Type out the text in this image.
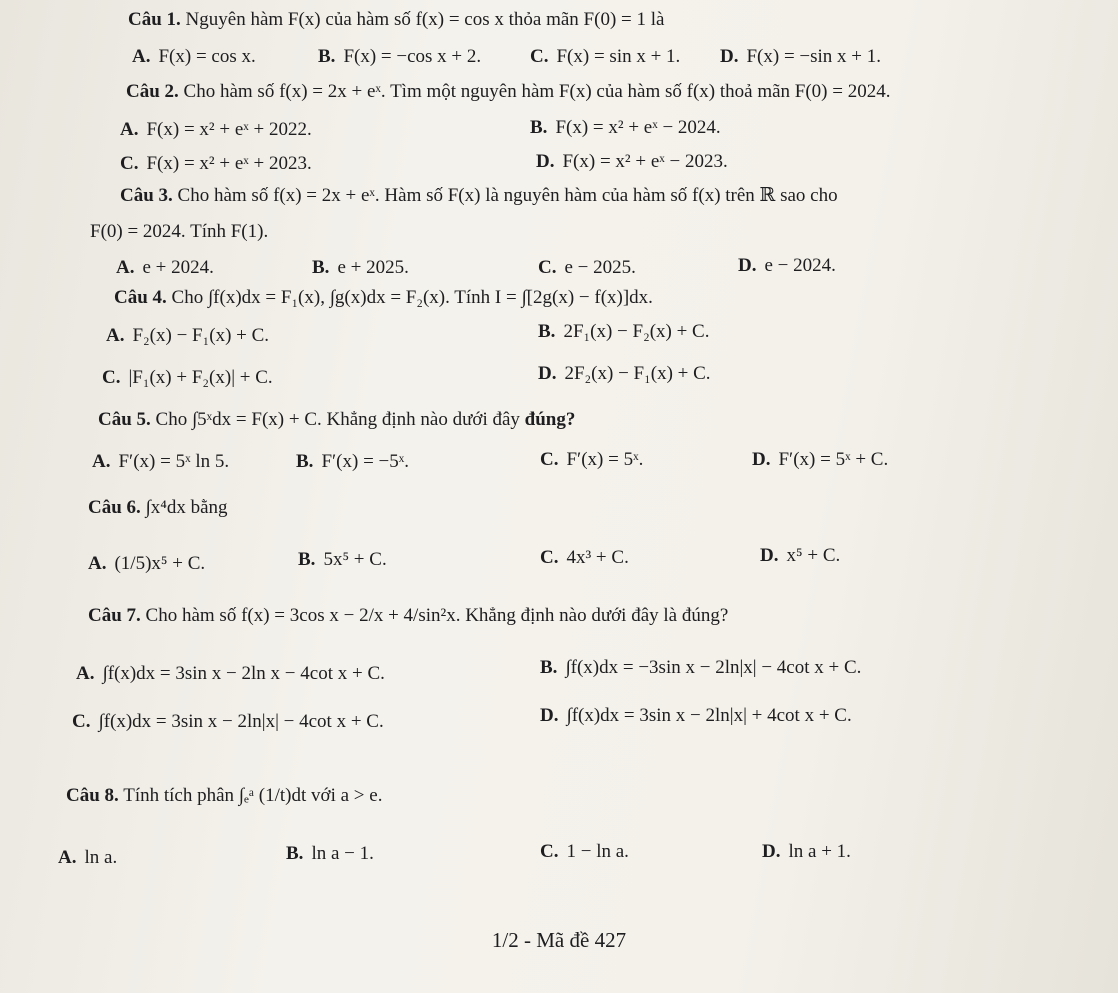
Câu 1. Nguyên hàm F(x) của hàm số f(x) = cos x thỏa mãn F(0) = 1 là
A. F(x) = cos x.	B. F(x) = −cos x + 2.	C. F(x) = sin x + 1. D. F(x) = −sin x + 1.
Câu 2. Cho hàm số f(x) = 2x + eˣ. Tìm một nguyên hàm F(x) của hàm số f(x) thoả mãn F(0) = 2024.
A. F(x) = x² + eˣ + 2022.	B. F(x) = x² + eˣ − 2024.
C. F(x) = x² + eˣ + 2023.	D. F(x) = x² + eˣ − 2023.
Câu 3. Cho hàm số f(x) = 2x + eˣ. Hàm số F(x) là nguyên hàm của hàm số f(x) trên ℝ sao cho
F(0) = 2024. Tính F(1).
A. e + 2024.	B. e + 2025.	C. e − 2025.	D. e − 2024.
Câu 4. Cho ∫f(x)dx = F₁(x), ∫g(x)dx = F₂(x). Tính I = ∫[2g(x) − f(x)]dx.
A. F₂(x) − F₁(x) + C.	B. 2F₁(x) − F₂(x) + C.
C. |F₁(x) + F₂(x)| + C.	D. 2F₂(x) − F₁(x) + C.
Câu 5. Cho ∫5ˣdx = F(x) + C. Khẳng định nào dưới đây đúng?
A. F′(x) = 5ˣ ln 5.	B. F′(x) = −5ˣ.	C. F′(x) = 5ˣ.	D. F′(x) = 5ˣ + C.
Câu 6. ∫x⁴dx bằng
A. (1/5)x⁵ + C.	B. 5x⁵ + C.	C. 4x³ + C.	D. x⁵ + C.
Câu 7. Cho hàm số f(x) = 3cos x − 2/x + 4/sin²x. Khẳng định nào dưới đây là đúng?
A. ∫f(x)dx = 3sin x − 2ln x − 4cot x + C.	B. ∫f(x)dx = −3sin x − 2ln|x| − 4cot x + C.
C. ∫f(x)dx = 3sin x − 2ln|x| − 4cot x + C.	D. ∫f(x)dx = 3sin x − 2ln|x| + 4cot x + C.
Câu 8. Tính tích phân ∫ₑᵃ (1/t)dt với a > e.
A. ln a.	B. ln a − 1.	C. 1 − ln a.	D. ln a + 1.
1/2 - Mã đề 427
